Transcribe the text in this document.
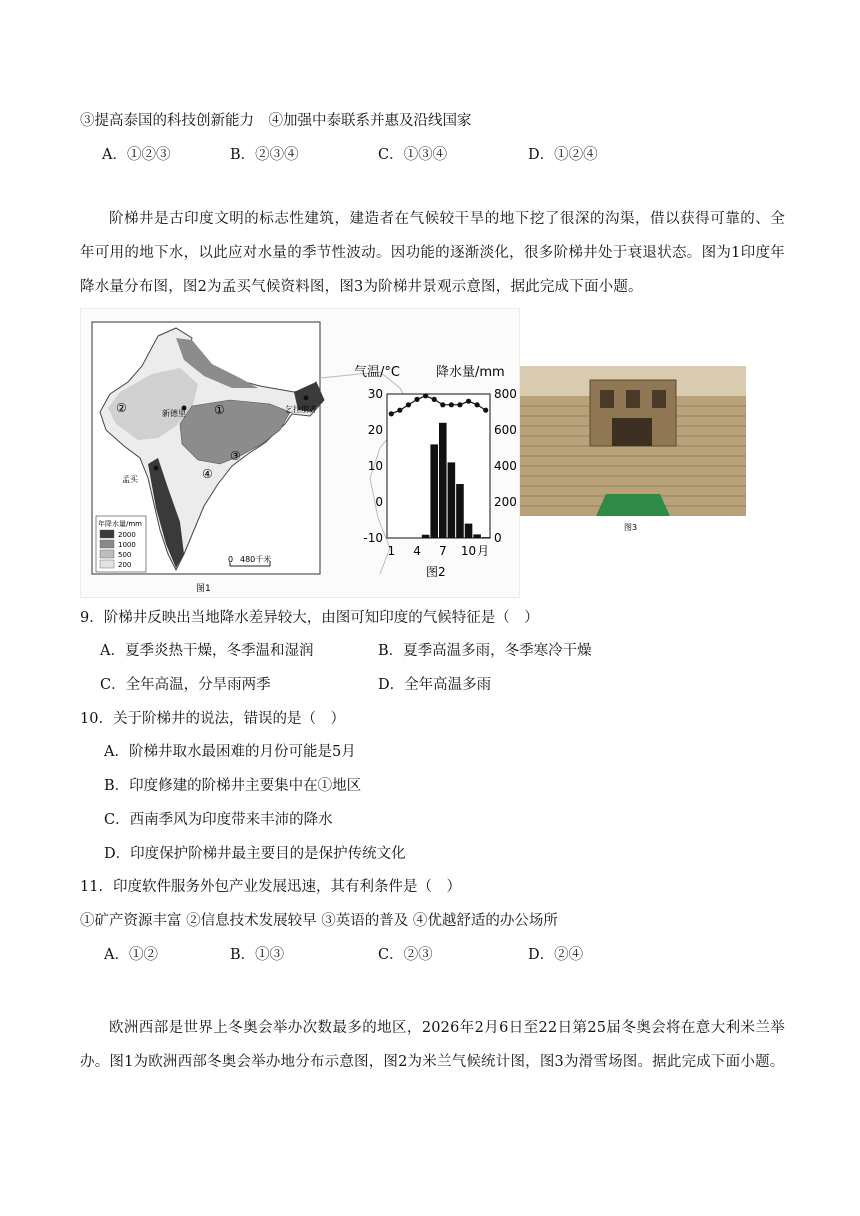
③提高泰国的科技创新能力　④加强中泰联系并惠及沿线国家
A．①②③	B．②③④	C．①③④	D．①②④
阶梯井是古印度文明的标志性建筑，建造者在气候较干旱的地下挖了很深的沟渠，借以获得可靠的、全年可用的地下水，以此应对水量的季节性波动。因功能的逐渐淡化，很多阶梯井处于衰退状态。图为1印度年降水量分布图，图2为孟买气候资料图，图3为阶梯井景观示意图，据此完成下面小题。
新德里
孟买
乞拉朋齐
①
②
③
④
年降水量/mm
2000
1000
500
200
0 480千米
图1
气温/°C	降水量/mm
30
20
10
0
-10
800
600
400
200
0
1 4 7 10 月
图2
图3
9．阶梯井反映出当地降水差异较大，由图可知印度的气候特征是（　）
A．夏季炎热干燥，冬季温和湿润	B．夏季高温多雨，冬季寒冷干燥
C．全年高温，分旱雨两季	D．全年高温多雨
10．关于阶梯井的说法，错误的是（　）
A．阶梯井取水最困难的月份可能是5月
B．印度修建的阶梯井主要集中在①地区
C．西南季风为印度带来丰沛的降水
D．印度保护阶梯井最主要目的是保护传统文化
11．印度软件服务外包产业发展迅速，其有利条件是（　）
①矿产资源丰富 ②信息技术发展较早 ③英语的普及 ④优越舒适的办公场所
A．①②	B．①③	C．②③	D．②④
欧洲西部是世界上冬奥会举办次数最多的地区，2026年2月6日至22日第25届冬奥会将在意大利米兰举办。图1为欧洲西部冬奥会举办地分布示意图，图2为米兰气候统计图，图3为滑雪场图。据此完成下面小题。
